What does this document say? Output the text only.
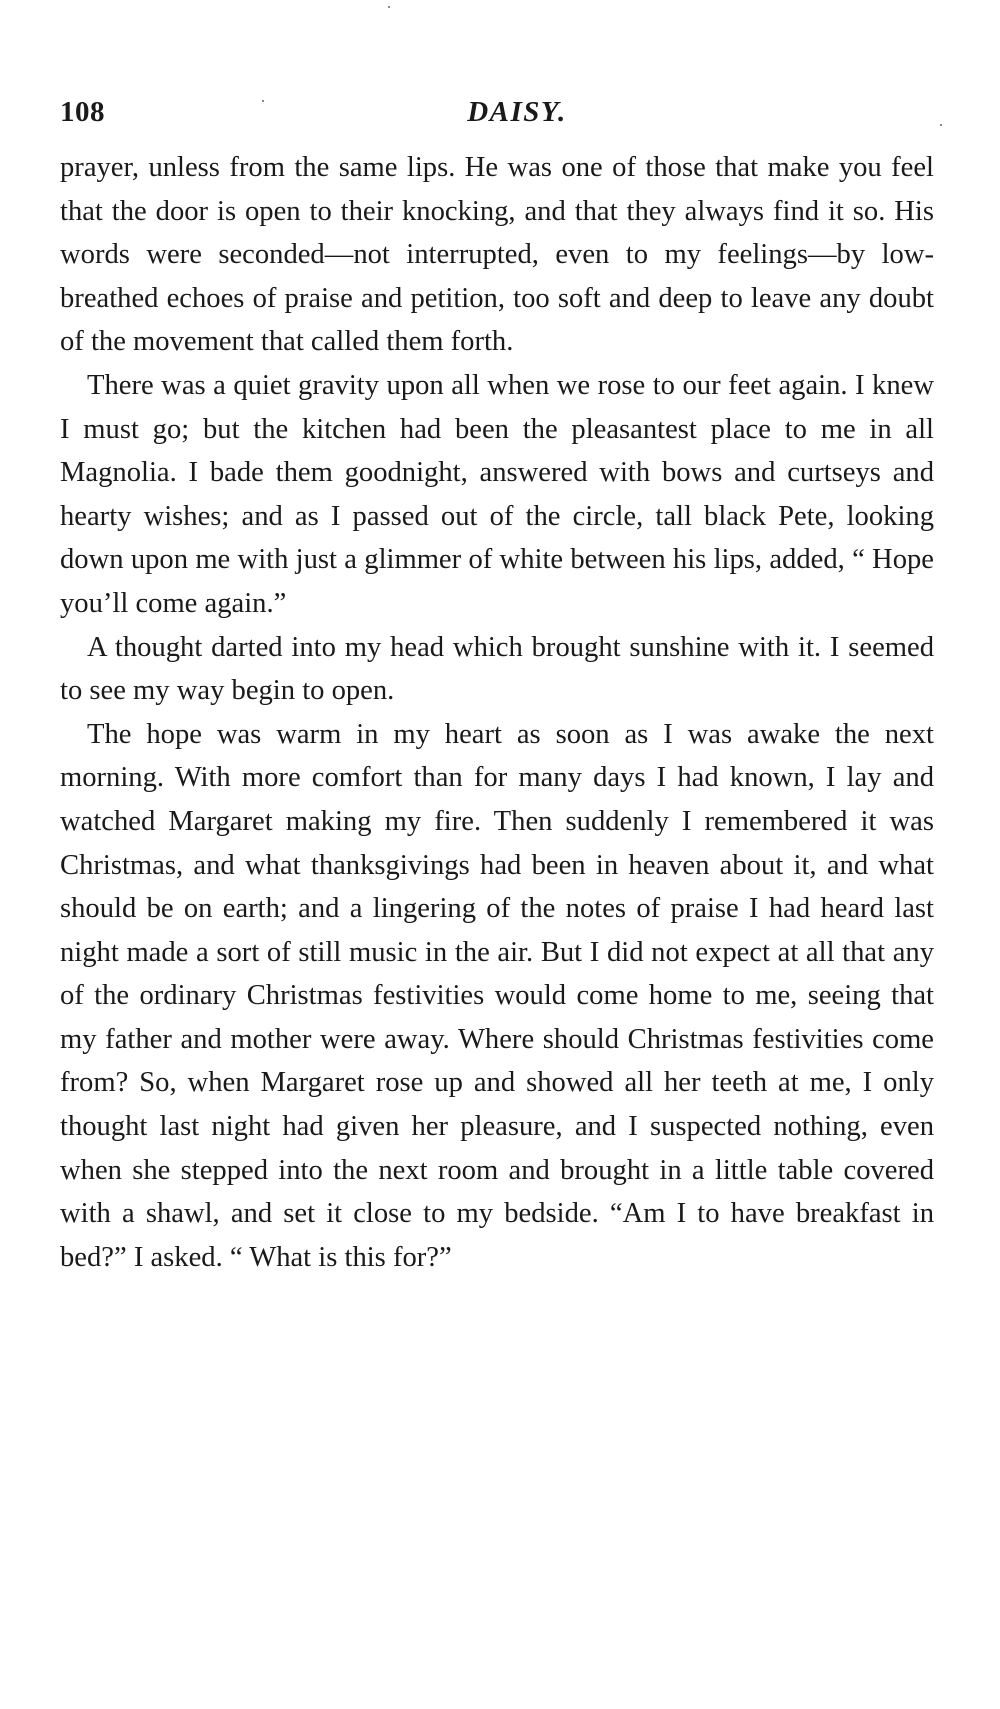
108	DAISY.

prayer, unless from the same lips. He was one of those that make you feel that the door is open to their knocking, and that they always find it so. His words were seconded—not interrupted, even to my feelings—by low-breathed echoes of praise and petition, too soft and deep to leave any doubt of the movement that called them forth.

There was a quiet gravity upon all when we rose to our feet again. I knew I must go; but the kitchen had been the pleasantest place to me in all Magnolia. I bade them goodnight, answered with bows and curtseys and hearty wishes; and as I passed out of the circle, tall black Pete, looking down upon me with just a glimmer of white between his lips, added, “ Hope you’ll come again.”

A thought darted into my head which brought sunshine with it. I seemed to see my way begin to open.

The hope was warm in my heart as soon as I was awake the next morning. With more comfort than for many days I had known, I lay and watched Margaret making my fire. Then suddenly I remembered it was Christmas, and what thanksgivings had been in heaven about it, and what should be on earth; and a lingering of the notes of praise I had heard last night made a sort of still music in the air. But I did not expect at all that any of the ordinary Christmas festivities would come home to me, seeing that my father and mother were away. Where should Christmas festivities come from? So, when Margaret rose up and showed all her teeth at me, I only thought last night had given her pleasure, and I suspected nothing, even when she stepped into the next room and brought in a little table covered with a shawl, and set it close to my bedside. “Am I to have breakfast in bed?” I asked. “ What is this for?”
